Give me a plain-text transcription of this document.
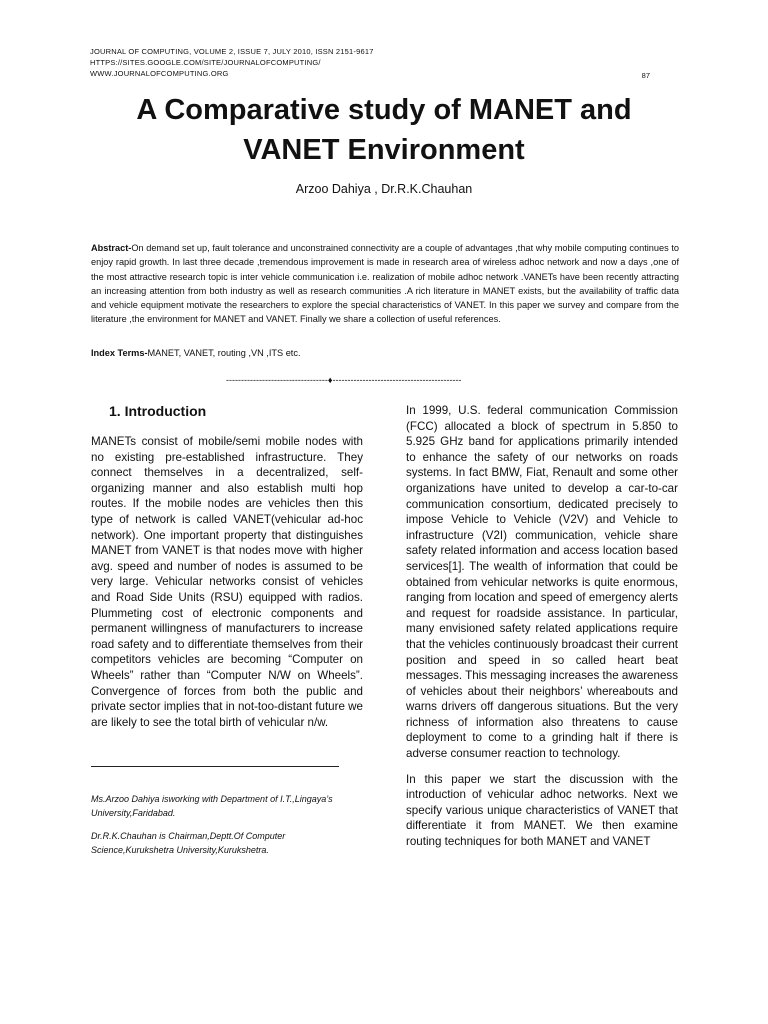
JOURNAL OF COMPUTING, VOLUME 2, ISSUE 7, JULY 2010, ISSN 2151-9617
HTTPS://SITES.GOOGLE.COM/SITE/JOURNALOFCOMPUTING/
WWW.JOURNALOFCOMPUTING.ORG	87
A Comparative study of MANET and
VANET Environment
Arzoo Dahiya , Dr.R.K.Chauhan
Abstract-On demand set up, fault tolerance and unconstrained connectivity are a couple of advantages ,that why mobile computing continues to enjoy rapid growth. In last three decade ,tremendous improvement is made in research area of wireless adhoc network and now a days ,one of the most attractive research topic is inter vehicle communication i.e. realization of mobile adhoc network .VANETs have been recently attracting an increasing attention from both industry as well as research communities .A rich literature in MANET exists, but the availability of traffic data and vehicle equipment motivate the researchers to explore the special characteristics of VANET. In this paper we survey and compare from the literature ,the environment for MANET and VANET. Finally we share a collection of useful references.
Index Terms-MANET, VANET, routing ,VN ,ITS etc.
----------------------------------♦-------------------------------------------
1. Introduction
MANETs consist of mobile/semi mobile nodes with no existing pre-established infrastructure. They connect themselves in a decentralized, self-organizing manner and also establish multi hop routes. If the mobile nodes are vehicles then this type of network is called VANET(vehicular ad-hoc network). One important property that distinguishes MANET from VANET is that nodes move with higher avg. speed and number of nodes is assumed to be very large. Vehicular networks consist of vehicles and Road Side Units (RSU) equipped with radios. Plummeting cost of electronic components and permanent willingness of manufacturers to increase road safety and to differentiate themselves from their competitors vehicles are becoming “Computer on Wheels” rather than “Computer N/W on Wheels”. Convergence of forces from both the public and private sector implies that in not-too-distant future we are likely to see the total birth of vehicular n/w.
Ms.Arzoo Dahiya isworking with Department of I.T.,Lingaya’s University,Faridabad.
Dr.R.K.Chauhan is Chairman,Deptt.Of Computer Science,Kurukshetra University,Kurukshetra.

In 1999, U.S. federal communication Commission (FCC) allocated a block of spectrum in 5.850 to 5.925 GHz band for applications primarily intended to enhance the safety of our networks on roads systems. In fact BMW, Fiat, Renault and some other organizations have united to develop a car-to-car communication consortium, dedicated precisely to impose Vehicle to Vehicle (V2V) and Vehicle to infrastructure (V2I) communication, vehicle share safety related information and access location based services[1]. The wealth of information that could be obtained from vehicular networks is quite enormous, ranging from location and speed of emergency alerts and request for roadside assistance. In particular, many envisioned safety related applications require that the vehicles continuously broadcast their current position and speed in so called heart beat messages. This messaging increases the awareness of vehicles about their neighbors’ whereabouts and warns drivers off dangerous situations. But the very richness of information also threatens to cause deployment to come to a grinding halt if there is adverse consumer reaction to technology.

In this paper we start the discussion with the introduction of vehicular adhoc networks. Next we specify various unique characteristics of VANET that differentiate it from MANET. We then examine routing techniques for both MANET and VANET
